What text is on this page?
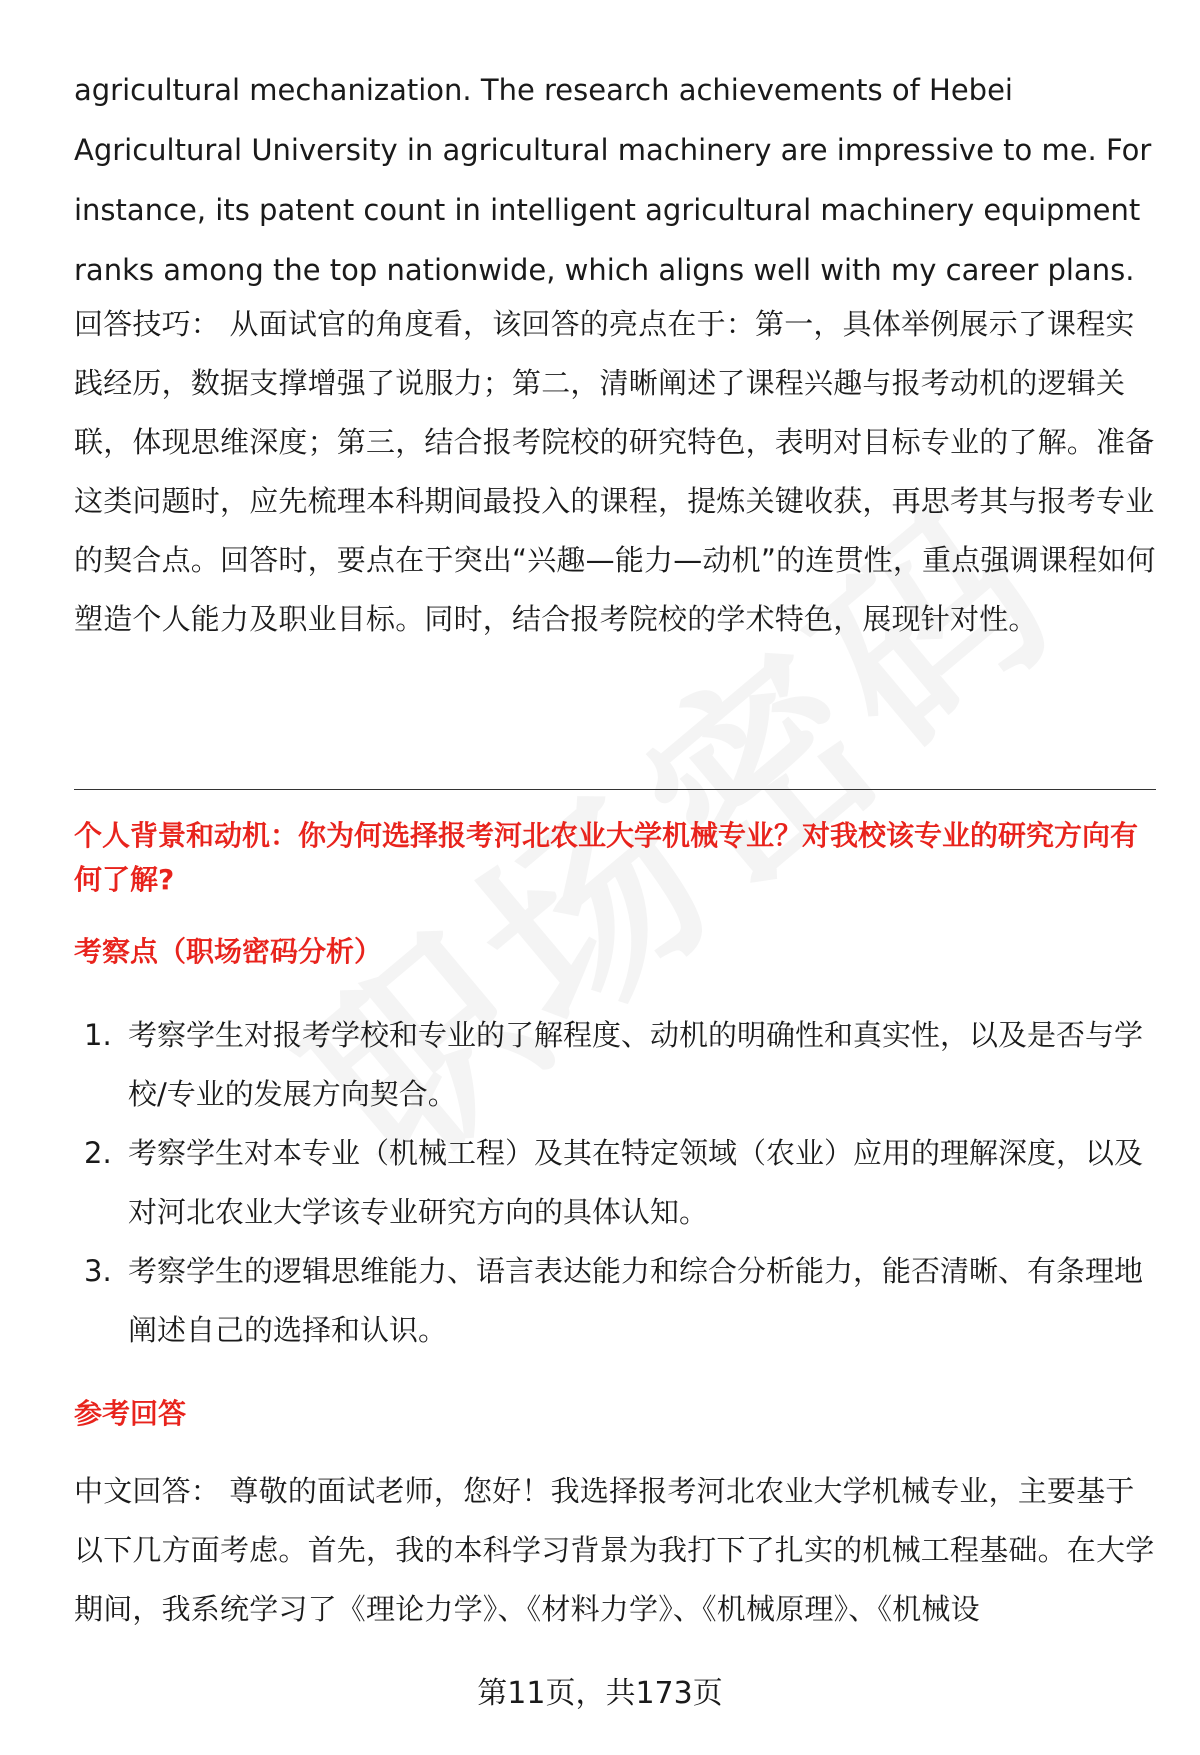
agricultural mechanization. The research achievements of Hebei Agricultural University in agricultural machinery are impressive to me. For instance, its patent count in intelligent agricultural machinery equipment ranks among the top nationwide, which aligns well with my career plans.

回答技巧： 从面试官的角度看，该回答的亮点在于：第一，具体举例展示了课程实践经历，数据支撑增强了说服力；第二，清晰阐述了课程兴趣与报考动机的逻辑关联，体现思维深度；第三，结合报考院校的研究特色，表明对目标专业的了解。准备这类问题时，应先梳理本科期间最投入的课程，提炼关键收获，再思考其与报考专业的契合点。回答时，要点在于突出“兴趣—能力—动机”的连贯性，重点强调课程如何塑造个人能力及职业目标。同时，结合报考院校的学术特色，展现针对性。

个人背景和动机：你为何选择报考河北农业大学机械专业？对我校该专业的研究方向有何了解?

考察点（职场密码分析）

1. 考察学生对报考学校和专业的了解程度、动机的明确性和真实性，以及是否与学校/专业的发展方向契合。
2. 考察学生对本专业（机械工程）及其在特定领域（农业）应用的理解深度，以及对河北农业大学该专业研究方向的具体认知。
3. 考察学生的逻辑思维能力、语言表达能力和综合分析能力，能否清晰、有条理地阐述自己的选择和认识。

参考回答

中文回答： 尊敬的面试老师，您好！我选择报考河北农业大学机械专业，主要基于以下几方面考虑。首先，我的本科学习背景为我打下了扎实的机械工程基础。在大学期间，我系统学习了《理论力学》、《材料力学》、《机械原理》、《机械设

第11页，共173页
